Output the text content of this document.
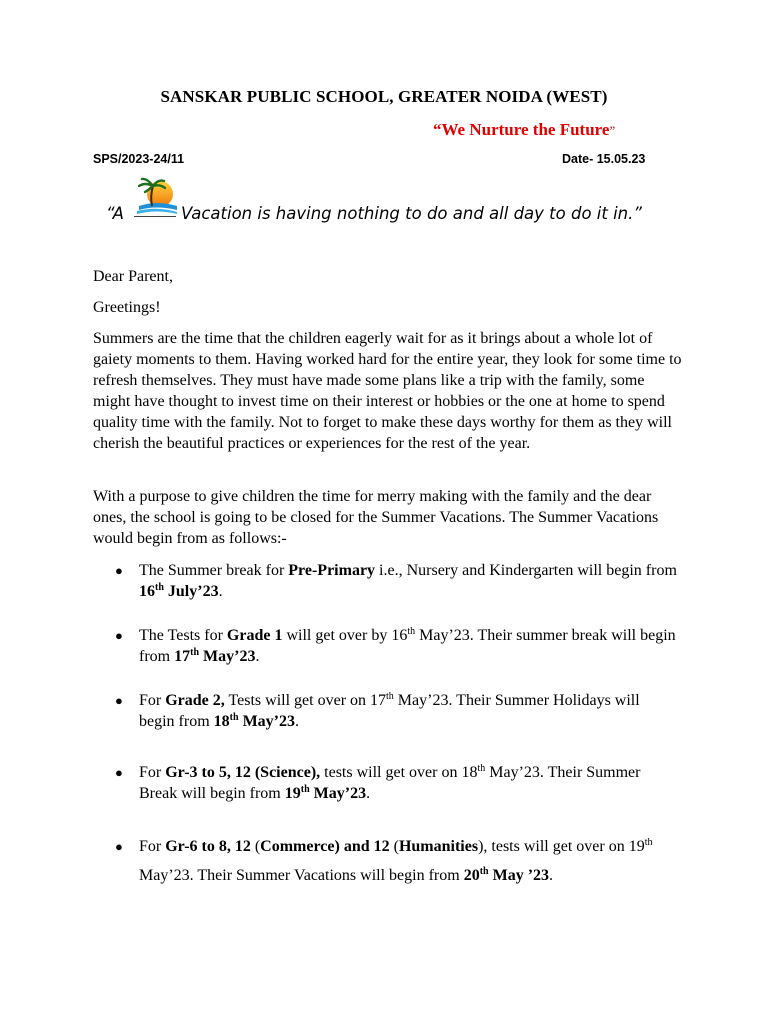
SANSKAR PUBLIC SCHOOL, GREATER NOIDA (WEST)
“We Nurture the Future”
SPS/2023-24/11	Date- 15.05.23
“A	Vacation is having nothing to do and all day to do it in.”
Dear Parent,
Greetings!
Summers are the time that the children eagerly wait for as it brings about a whole lot of gaiety moments to them. Having worked hard for the entire year, they look for some time to refresh themselves. They must have made some plans like a trip with the family, some might have thought to invest time on their interest or hobbies or the one at home to spend quality time with the family. Not to forget to make these days worthy for them as they will cherish the beautiful practices or experiences for the rest of the year.
With a purpose to give children the time for merry making with the family and the dear ones, the school is going to be closed for the Summer Vacations. The Summer Vacations would begin from as follows:-
● The Summer break for Pre-Primary i.e., Nursery and Kindergarten will begin from 16th July’23.
● The Tests for Grade 1 will get over by 16th May’23. Their summer break will begin from 17th May’23.
● For Grade 2, Tests will get over on 17th May’23. Their Summer Holidays will begin from 18th May’23.
● For Gr-3 to 5, 12 (Science), tests will get over on 18th May’23. Their Summer Break will begin from 19th May’23.
● For Gr-6 to 8, 12 (Commerce) and 12 (Humanities), tests will get over on 19th May’23. Their Summer Vacations will begin from 20th May ’23.
